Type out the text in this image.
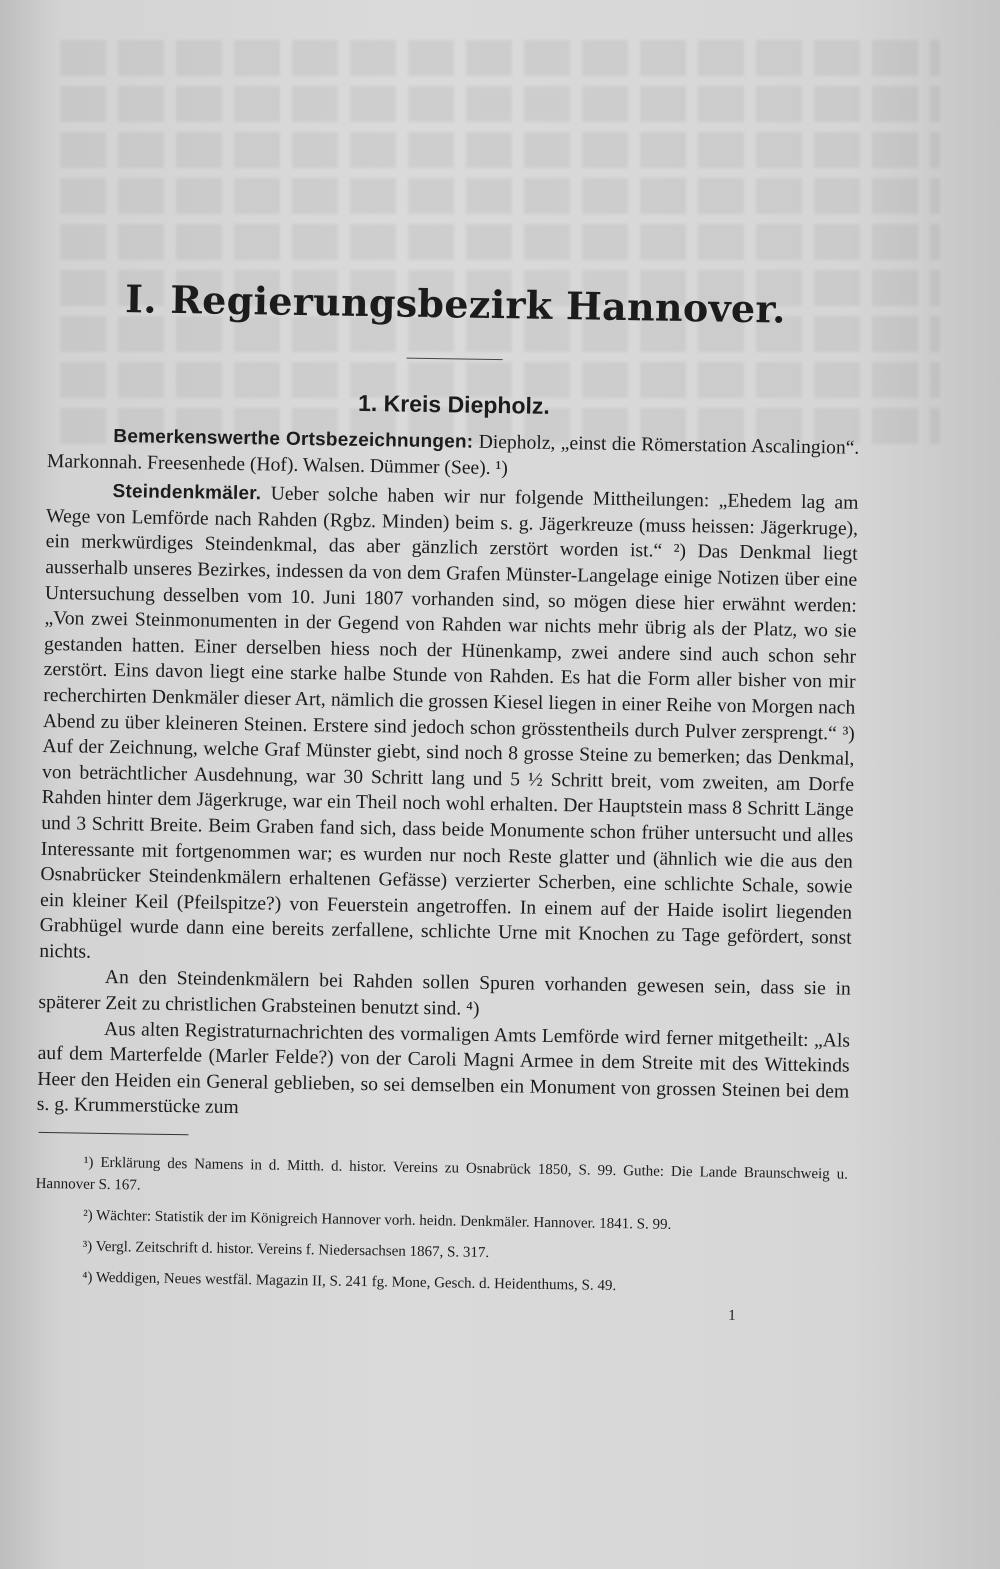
I. Regierungsbezirk Hannover.
1. Kreis Diepholz.

Bemerkenswerthe Ortsbezeichnungen: Diepholz, „einst die Römerstation Ascalingion“. Markonnah. Freesenhede (Hof). Walsen. Dümmer (See). ¹)

Steindenkmäler. Ueber solche haben wir nur folgende Mittheilungen: „Ehedem lag am Wege von Lemförde nach Rahden (Rgbz. Minden) beim s. g. Jägerkreuze (muss heissen: Jägerkruge), ein merkwürdiges Steindenkmal, das aber gänzlich zerstört worden ist.“ ²) Das Denkmal liegt ausserhalb unseres Bezirkes, indessen da von dem Grafen Münster-Langelage einige Notizen über eine Untersuchung desselben vom 10. Juni 1807 vorhanden sind, so mögen diese hier erwähnt werden: „Von zwei Steinmonumenten in der Gegend von Rahden war nichts mehr übrig als der Platz, wo sie gestanden hatten. Einer derselben hiess noch der Hünenkamp, zwei andere sind auch schon sehr zerstört. Eins davon liegt eine starke halbe Stunde von Rahden. Es hat die Form aller bisher von mir recherchirten Denkmäler dieser Art, nämlich die grossen Kiesel liegen in einer Reihe von Morgen nach Abend zu über kleineren Steinen. Erstere sind jedoch schon grösstentheils durch Pulver zersprengt.“ ³) Auf der Zeichnung, welche Graf Münster giebt, sind noch 8 grosse Steine zu bemerken; das Denkmal, von beträchtlicher Ausdehnung, war 30 Schritt lang und 5 ½ Schritt breit, vom zweiten, am Dorfe Rahden hinter dem Jägerkruge, war ein Theil noch wohl erhalten. Der Hauptstein mass 8 Schritt Länge und 3 Schritt Breite. Beim Graben fand sich, dass beide Monumente schon früher untersucht und alles Interessante mit fortgenommen war; es wurden nur noch Reste glatter und (ähnlich wie die aus den Osnabrücker Steindenkmälern erhaltenen Gefässe) verzierter Scherben, eine schlichte Schale, sowie ein kleiner Keil (Pfeilspitze?) von Feuerstein angetroffen. In einem auf der Haide isolirt liegenden Grabhügel wurde dann eine bereits zerfallene, schlichte Urne mit Knochen zu Tage gefördert, sonst nichts.

An den Steindenkmälern bei Rahden sollen Spuren vorhanden gewesen sein, dass sie in späterer Zeit zu christlichen Grabsteinen benutzt sind. ⁴)

Aus alten Registraturnachrichten des vormaligen Amts Lemförde wird ferner mitgetheilt: „Als auf dem Marterfelde (Marler Felde?) von der Caroli Magni Armee in dem Streite mit des Wittekinds Heer den Heiden ein General geblieben, so sei demselben ein Monument von grossen Steinen bei dem s. g. Krummerstücke zum

¹) Erklärung des Namens in d. Mitth. d. histor. Vereins zu Osnabrück 1850, S. 99. Guthe: Die Lande Braunschweig u. Hannover S. 167.

²) Wächter: Statistik der im Königreich Hannover vorh. heidn. Denkmäler. Hannover. 1841. S. 99.

³) Vergl. Zeitschrift d. histor. Vereins f. Niedersachsen 1867, S. 317.

⁴) Weddigen, Neues westfäl. Magazin II, S. 241 fg. Mone, Gesch. d. Heidenthums, S. 49.

1
